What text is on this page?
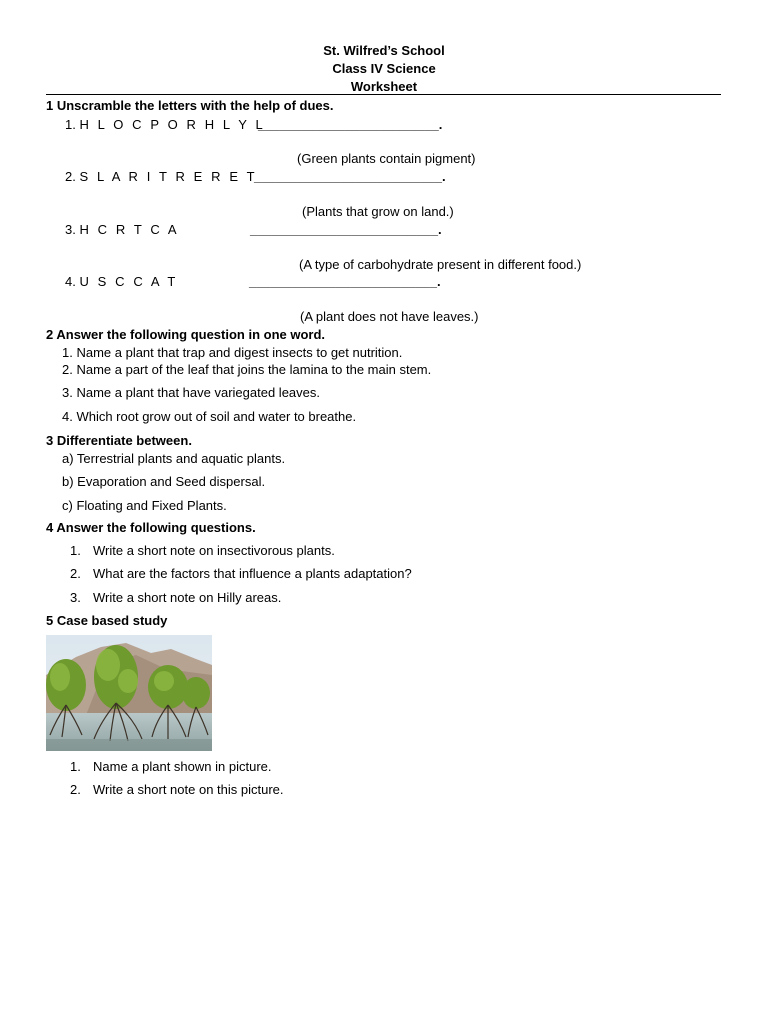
St. Wilfred’s School
Class IV Science
Worksheet
1 Unscramble the letters with the help of dues.
1. H L O C P O R H L Y L
_________________________.
(Green plants contain pigment)
2. S L A R I T R E R E T
__________________________.
(Plants that grow on land.)
3. H C R T C A	__________________________.
(A type of carbohydrate present in different food.)
4. U S C C A T	__________________________.
(A plant does not have leaves.)
2 Answer the following question in one word.
1. Name a plant that trap and digest insects to get nutrition.
2. Name a part of the leaf that joins the lamina to the main stem.
3. Name a plant that have variegated leaves.
4. Which root grow out of soil and water to breathe.
3 Differentiate between.
a) Terrestrial plants and aquatic plants.
b) Evaporation and Seed dispersal.
c) Floating and Fixed Plants.
4 Answer the following questions.
1. Write a short note on insectivorous plants.
2. What are the factors that influence a plants adaptation?
3. Write a short note on Hilly areas.
5 Case based study
1. Name a plant shown in picture.
2. Write a short note on this picture.
